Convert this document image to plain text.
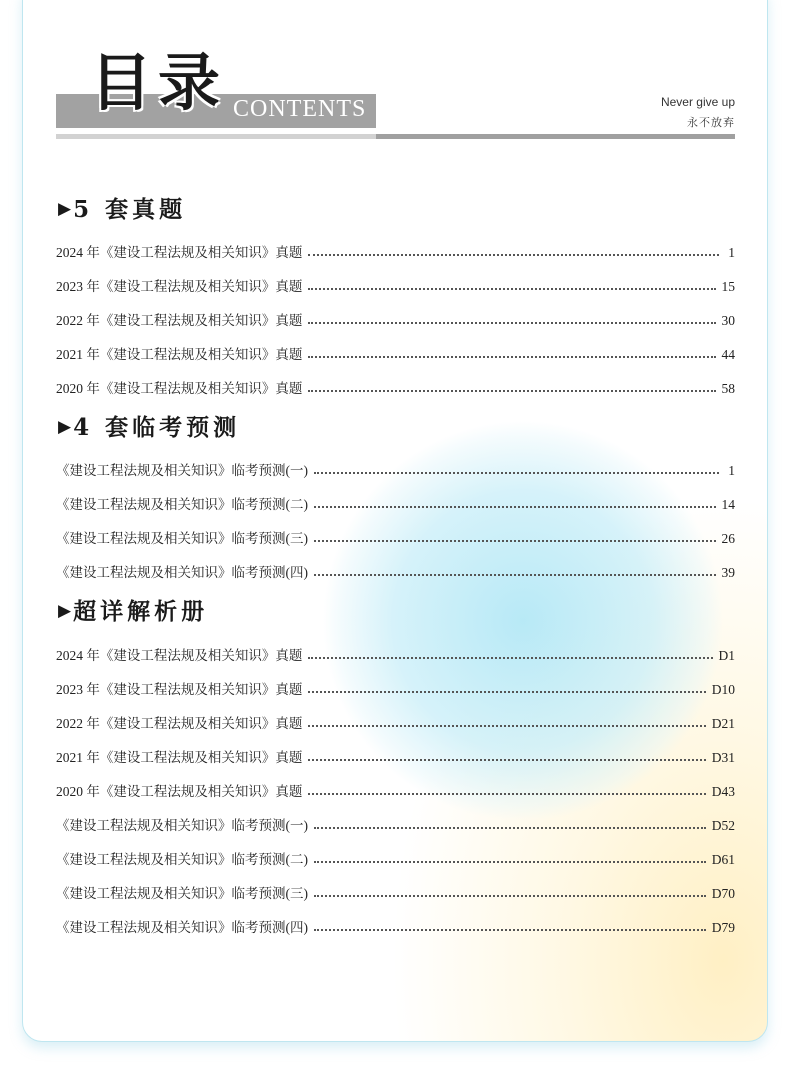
目录 CONTENTS	Never give up
永不放弃
▶ 5 套真题
2024 年《建设工程法规及相关知识》真题	1
2023 年《建设工程法规及相关知识》真题	15
2022 年《建设工程法规及相关知识》真题	30
2021 年《建设工程法规及相关知识》真题	44
2020 年《建设工程法规及相关知识》真题	58
▶ 4 套临考预测
《建设工程法规及相关知识》临考预测(一)	1
《建设工程法规及相关知识》临考预测(二)	14
《建设工程法规及相关知识》临考预测(三)	26
《建设工程法规及相关知识》临考预测(四)	39
▶ 超详解析册
2024 年《建设工程法规及相关知识》真题	D1
2023 年《建设工程法规及相关知识》真题	D10
2022 年《建设工程法规及相关知识》真题	D21
2021 年《建设工程法规及相关知识》真题	D31
2020 年《建设工程法规及相关知识》真题	D43
《建设工程法规及相关知识》临考预测(一)	D52
《建设工程法规及相关知识》临考预测(二)	D61
《建设工程法规及相关知识》临考预测(三)	D70
《建设工程法规及相关知识》临考预测(四)	D79
